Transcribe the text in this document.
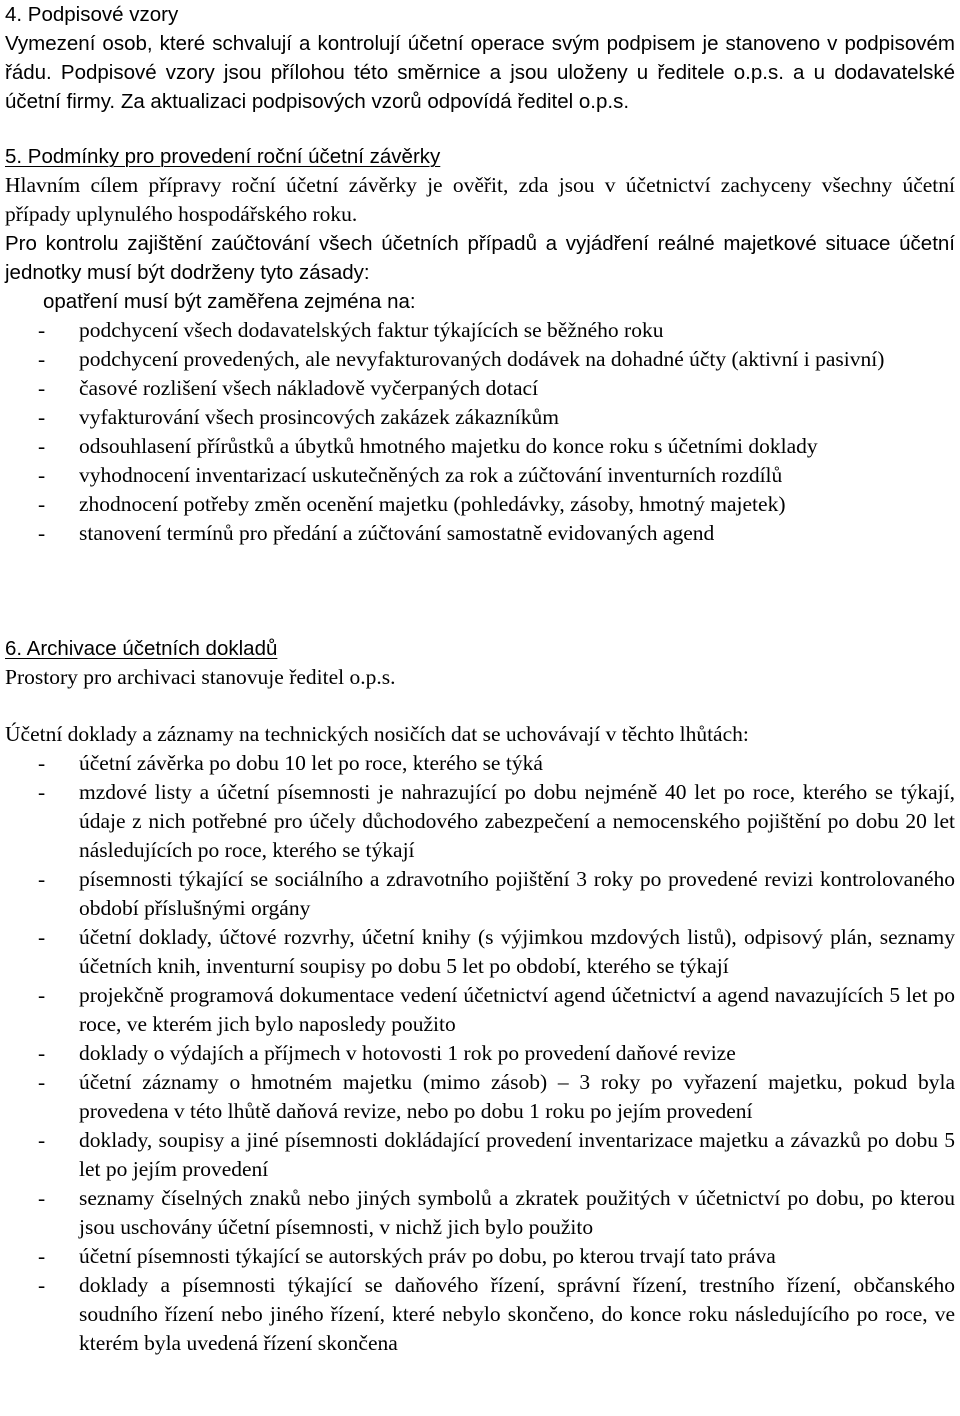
4. Podpisové vzory

Vymezení osob, které schvalují a kontrolují účetní operace svým podpisem je stanoveno v podpisovém řádu. Podpisové vzory jsou přílohou této směrnice a jsou uloženy u ředitele o.p.s. a u dodavatelské účetní firmy. Za aktualizaci podpisových vzorů odpovídá ředitel o.p.s.

5. Podmínky pro provedení roční účetní závěrky

Hlavním cílem přípravy roční účetní závěrky je ověřit, zda jsou v účetnictví zachyceny všechny účetní případy uplynulého hospodářského roku.

Pro kontrolu zajištění zaúčtování všech účetních případů a vyjádření reálné majetkové situace účetní jednotky musí být dodrženy tyto zásady:

opatření musí být zaměřena zejména na:

- podchycení všech dodavatelských faktur týkajících se běžného roku
- podchycení provedených, ale nevyfakturovaných dodávek na dohadné účty (aktivní i pasivní)
- časové rozlišení všech nákladově vyčerpaných dotací
- vyfakturování všech prosincových zakázek zákazníkům
- odsouhlasení přírůstků a úbytků hmotného majetku do konce roku s účetními doklady
- vyhodnocení inventarizací uskutečněných za rok a zúčtování inventurních rozdílů
- zhodnocení potřeby změn ocenění majetku (pohledávky, zásoby, hmotný majetek)
- stanovení termínů pro předání a zúčtování samostatně evidovaných agend

6. Archivace účetních dokladů

Prostory pro archivaci stanovuje ředitel o.p.s.

Účetní doklady a záznamy na technických nosičích dat se uchovávají v těchto lhůtách:

- účetní závěrka po dobu 10 let po roce, kterého se týká
- mzdové listy a účetní písemnosti je nahrazující po dobu nejméně 40 let po roce, kterého se týkají, údaje z nich potřebné pro účely důchodového zabezpečení a nemocenského pojištění po dobu 20 let následujících po roce, kterého se týkají
- písemnosti týkající se sociálního a zdravotního pojištění 3 roky po provedené revizi kontrolovaného období příslušnými orgány
- účetní doklady, účtové rozvrhy, účetní knihy (s výjimkou mzdových listů), odpisový plán, seznamy účetních knih, inventurní soupisy po dobu 5 let po období, kterého se týkají
- projekčně programová dokumentace vedení účetnictví agend účetnictví a agend navazujících 5 let po roce, ve kterém jich bylo naposledy použito
- doklady o výdajích a příjmech v hotovosti 1 rok po provedení daňové revize
- účetní záznamy o hmotném majetku (mimo zásob) – 3 roky po vyřazení majetku, pokud byla provedena v této lhůtě daňová revize, nebo po dobu 1 roku po jejím provedení
- doklady, soupisy a jiné písemnosti dokládající provedení inventarizace majetku a závazků po dobu 5 let po jejím provedení
- seznamy číselných znaků nebo jiných symbolů a zkratek použitých v účetnictví po dobu, po kterou jsou uschovány účetní písemnosti, v nichž jich bylo použito
- účetní písemnosti týkající se autorských práv po dobu, po kterou trvají tato práva
- doklady a písemnosti týkající se daňového řízení, správní řízení, trestního řízení, občanského soudního řízení nebo jiného řízení, které nebylo skončeno, do konce roku následujícího po roce, ve kterém byla uvedená řízení skončena
